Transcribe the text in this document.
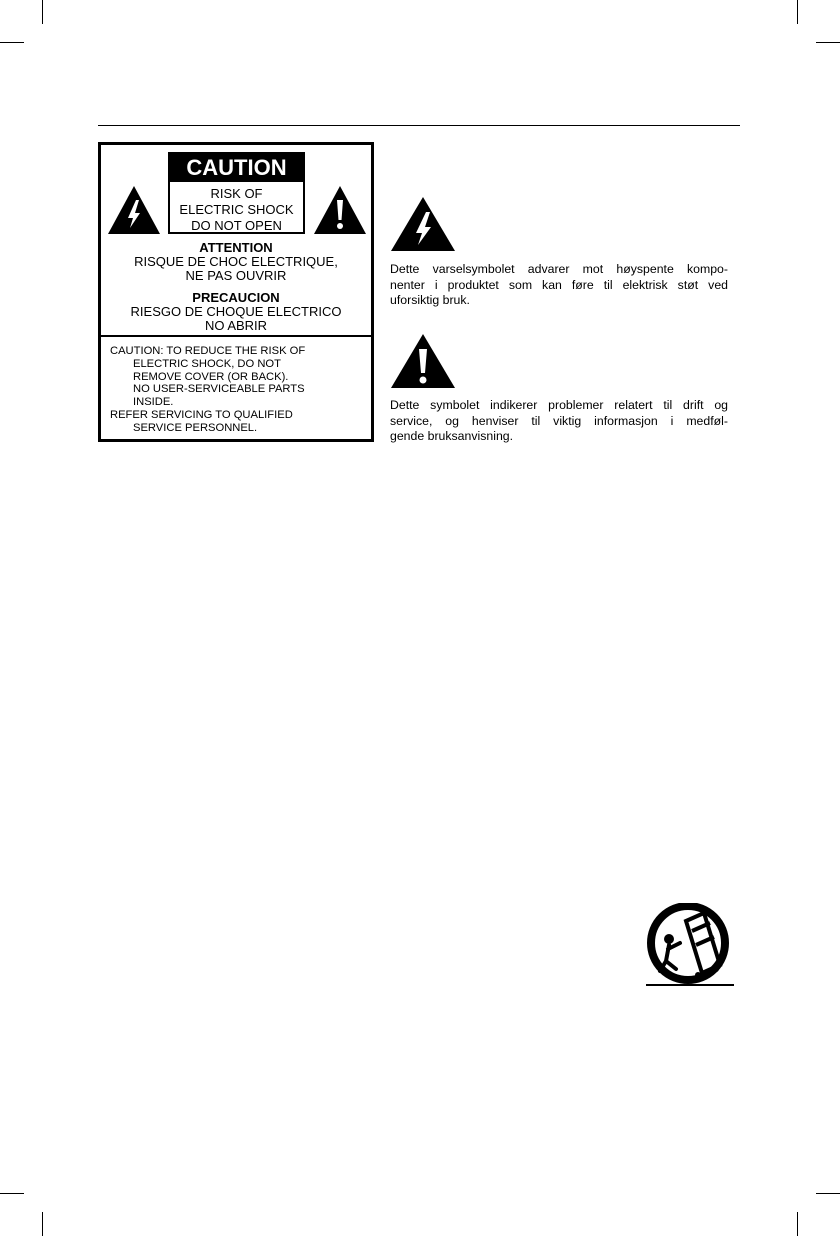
CAUTION
RISK OF
ELECTRIC SHOCK
DO NOT OPEN
ATTENTION
RISQUE DE CHOC ELECTRIQUE,
NE PAS OUVRIR
PRECAUCION
RIESGO DE CHOQUE ELECTRICO
NO ABRIR
CAUTION: TO REDUCE THE RISK OF
ELECTRIC SHOCK, DO NOT
REMOVE COVER (OR BACK).
NO USER-SERVICEABLE PARTS
INSIDE.
REFER SERVICING TO QUALIFIED
SERVICE PERSONNEL.
Dette varselsymbolet advarer mot høyspente kompo-
nenter i produktet som kan føre til elektrisk støt ved
uforsiktig bruk.
Dette symbolet indikerer problemer relatert til drift og
service, og henviser til viktig informasjon i medføl-
gende bruksanvisning.
